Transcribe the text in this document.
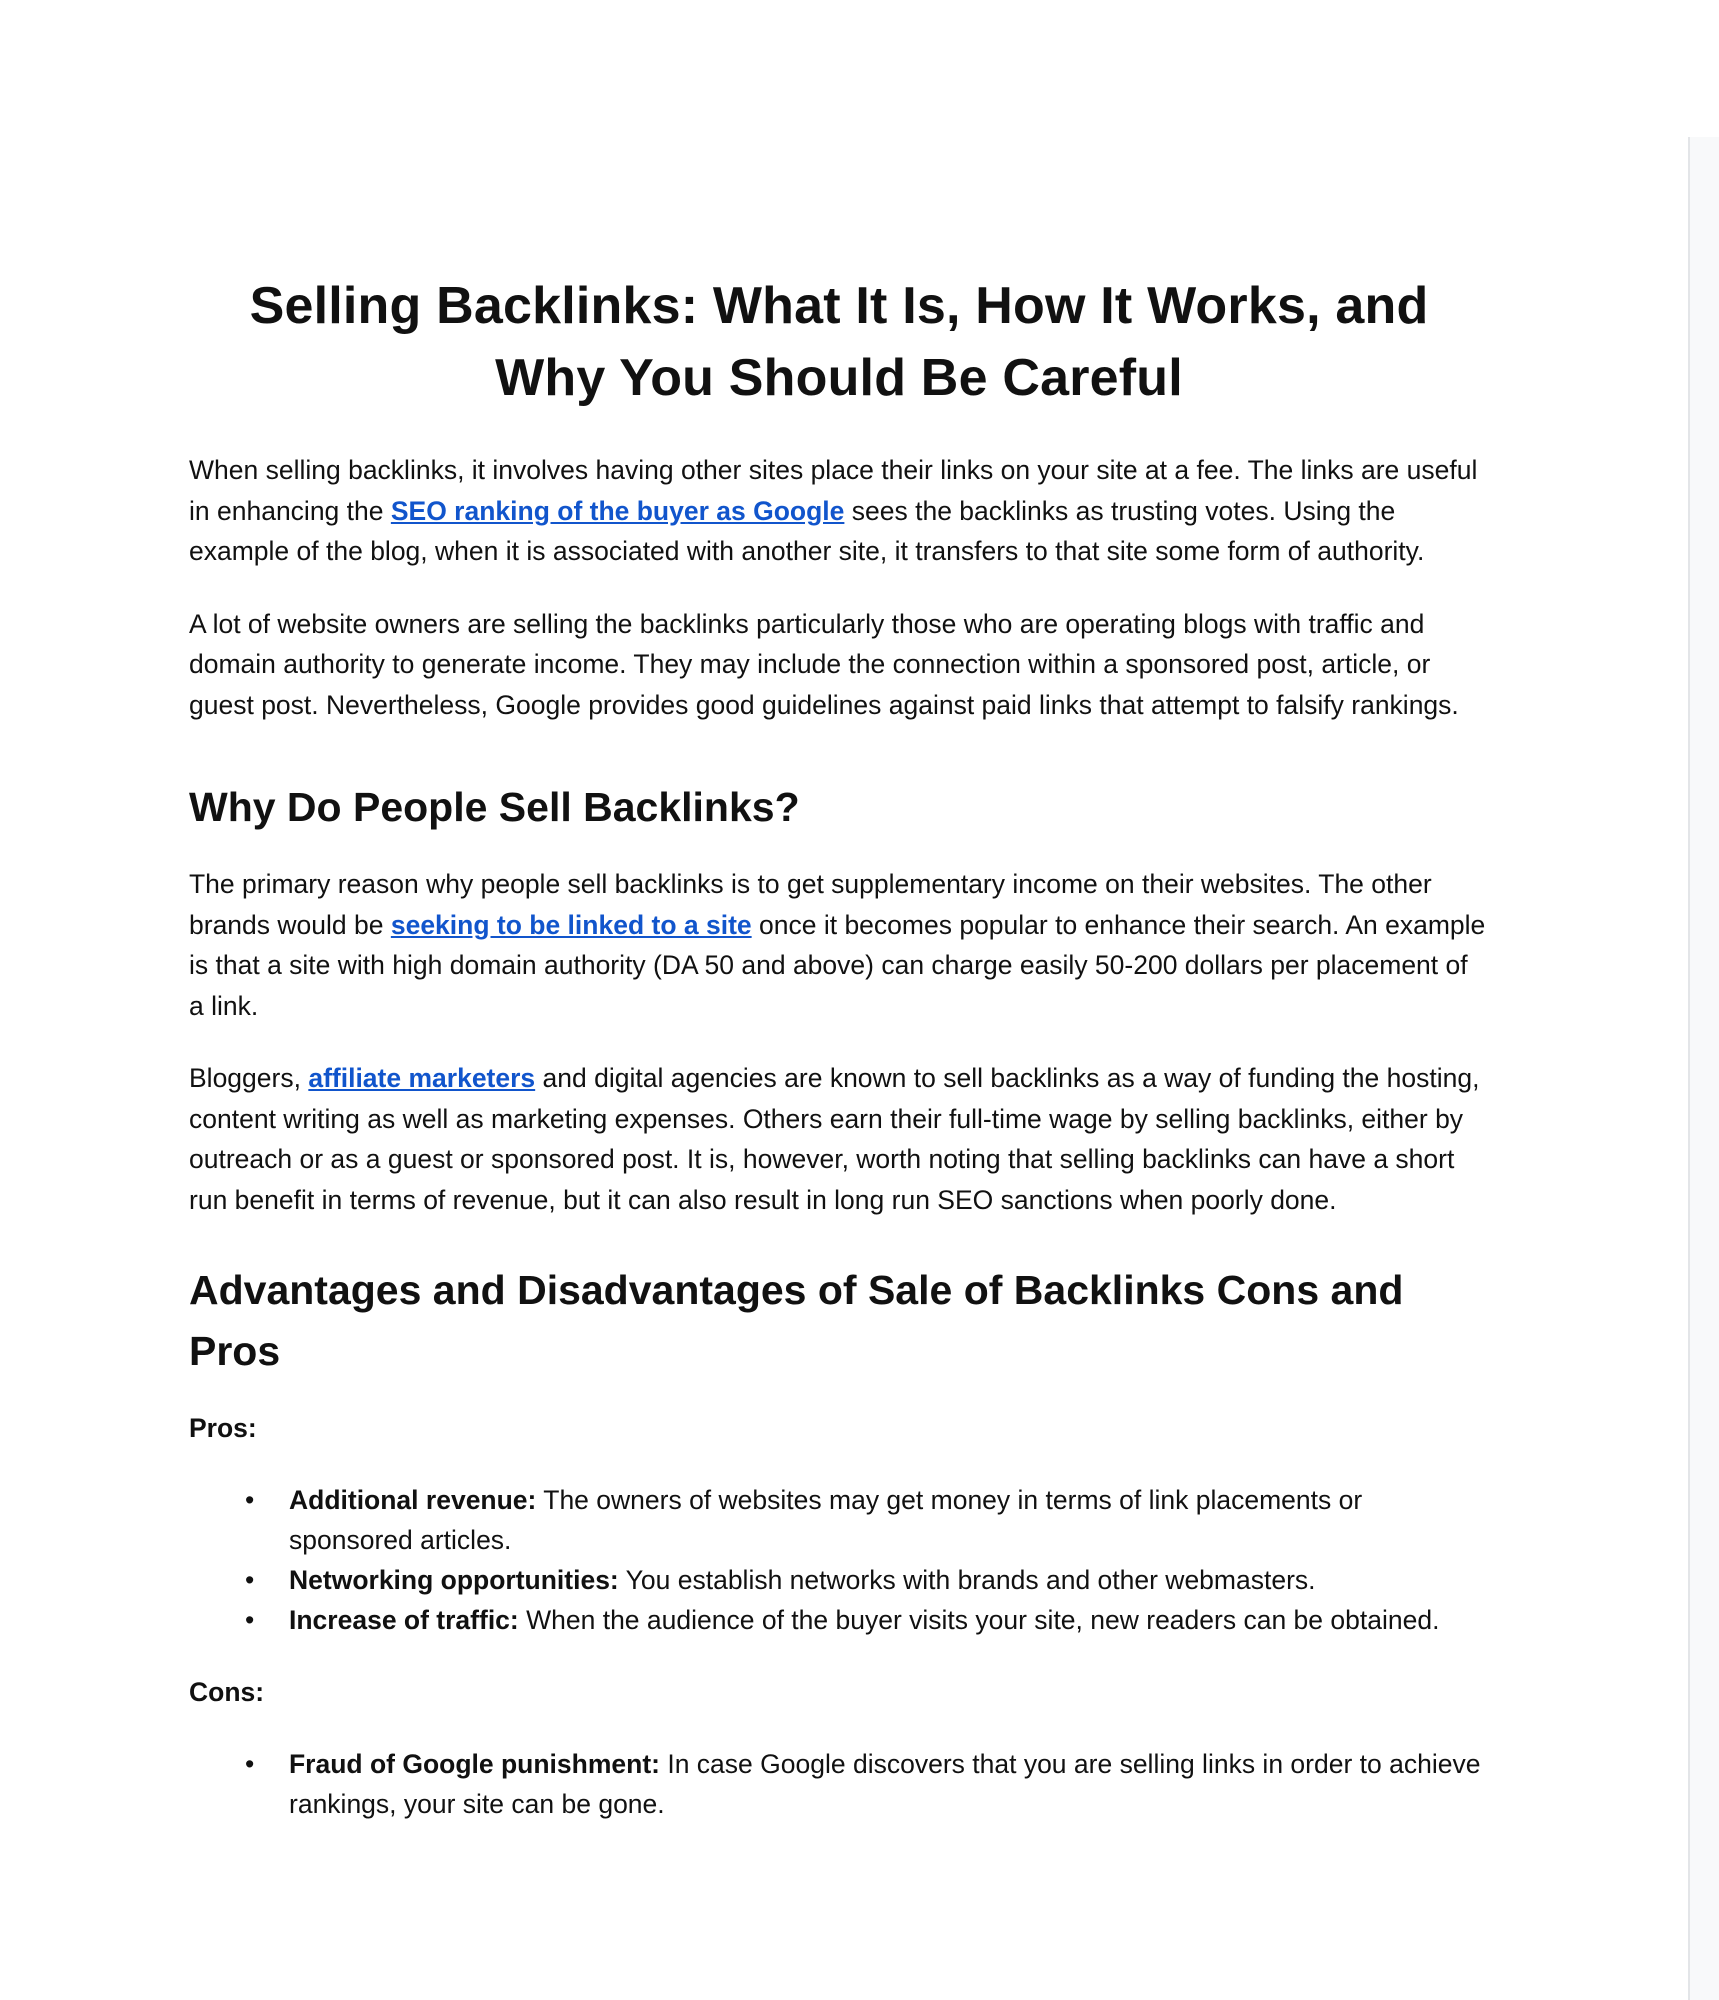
Selling Backlinks: What It Is, How It Works, and Why You Should Be Careful

When selling backlinks, it involves having other sites place their links on your site at a fee. The links are useful in enhancing the SEO ranking of the buyer as Google sees the backlinks as trusting votes. Using the example of the blog, when it is associated with another site, it transfers to that site some form of authority.

A lot of website owners are selling the backlinks particularly those who are operating blogs with traffic and domain authority to generate income. They may include the connection within a sponsored post, article, or guest post. Nevertheless, Google provides good guidelines against paid links that attempt to falsify rankings.

Why Do People Sell Backlinks?

The primary reason why people sell backlinks is to get supplementary income on their websites. The other brands would be seeking to be linked to a site once it becomes popular to enhance their search. An example is that a site with high domain authority (DA 50 and above) can charge easily 50-200 dollars per placement of a link.

Bloggers, affiliate marketers and digital agencies are known to sell backlinks as a way of funding the hosting, content writing as well as marketing expenses. Others earn their full-time wage by selling backlinks, either by outreach or as a guest or sponsored post. It is, however, worth noting that selling backlinks can have a short run benefit in terms of revenue, but it can also result in long run SEO sanctions when poorly done.

Advantages and Disadvantages of Sale of Backlinks Cons and Pros
Pros:
• Additional revenue: The owners of websites may get money in terms of link placements or sponsored articles.
• Networking opportunities: You establish networks with brands and other webmasters.
• Increase of traffic: When the audience of the buyer visits your site, new readers can be obtained.
Cons:
• Fraud of Google punishment: In case Google discovers that you are selling links in order to achieve rankings, your site can be gone.
